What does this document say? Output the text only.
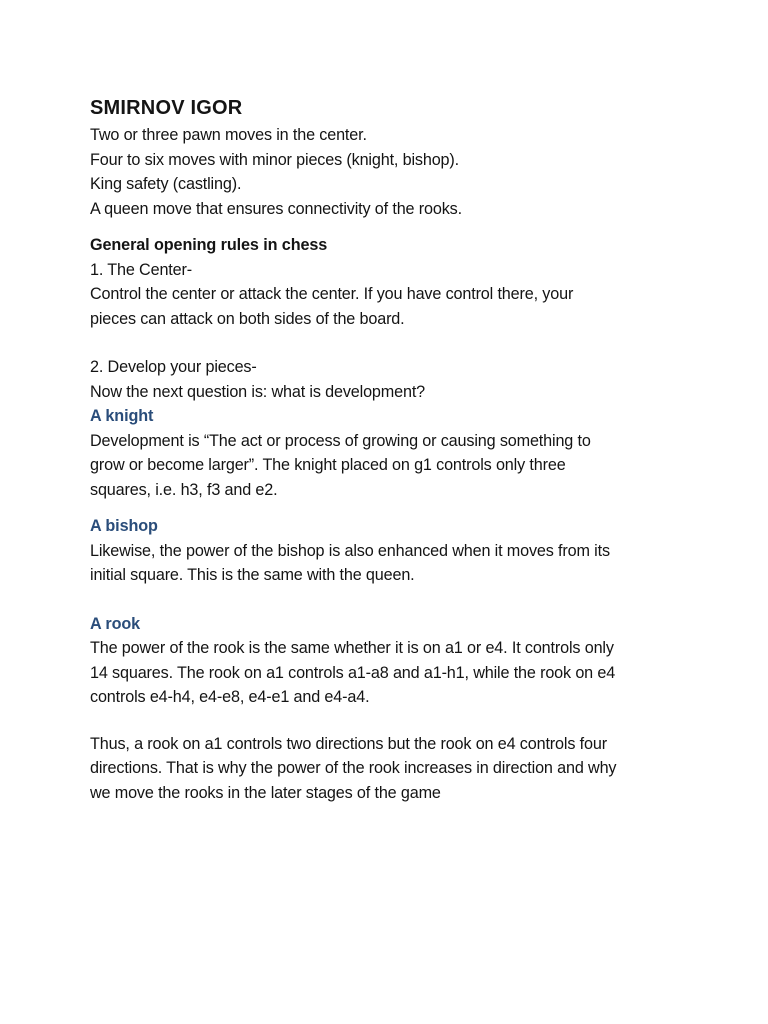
SMIRNOV IGOR
Two or three pawn moves in the center.
Four to six moves with minor pieces (knight, bishop).
King safety (castling).
A queen move that ensures connectivity of the rooks.
General opening rules in chess
1. The Center-
Control the center or attack the center. If you have control there, your
pieces can attack on both sides of the board.
2. Develop your pieces-
Now the next question is: what is development?
A knight
Development is “The act or process of growing or causing something to
grow or become larger”. The knight placed on g1 controls only three
squares, i.e. h3, f3 and e2.
A bishop
Likewise, the power of the bishop is also enhanced when it moves from its
initial square. This is the same with the queen.
A rook
The power of the rook is the same whether it is on a1 or e4. It controls only
14 squares. The rook on a1 controls a1-a8 and a1-h1, while the rook on e4
controls e4-h4, e4-e8, e4-e1 and e4-a4.
Thus, a rook on a1 controls two directions but the rook on e4 controls four
directions. That is why the power of the rook increases in direction and why
we move the rooks in the later stages of the game
